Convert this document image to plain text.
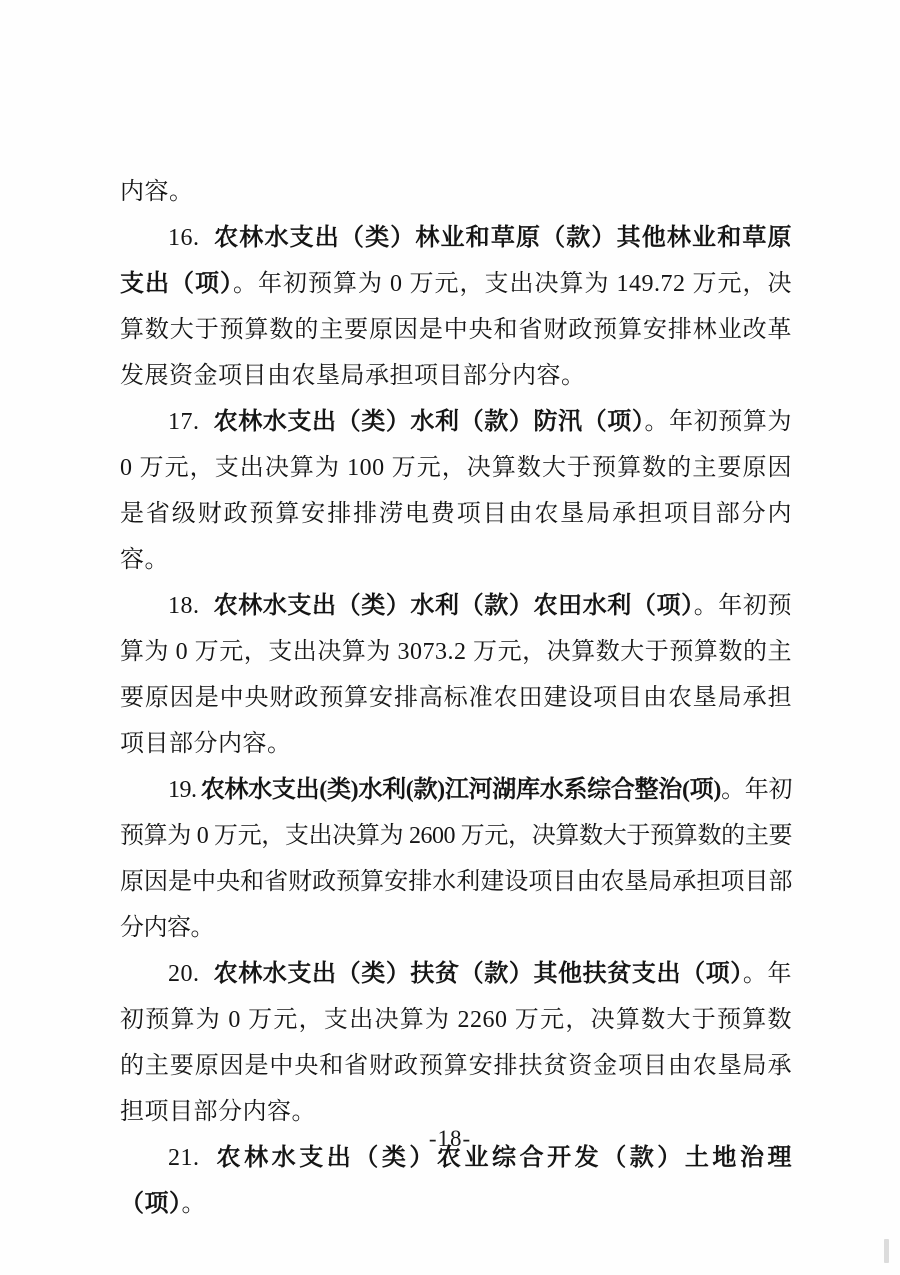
内容。

16. 农林水支出（类）林业和草原（款）其他林业和草原支出（项）。年初预算为 0 万元，支出决算为 149.72 万元，决算数大于预算数的主要原因是中央和省财政预算安排林业改革发展资金项目由农垦局承担项目部分内容。

17. 农林水支出（类）水利（款）防汛（项）。年初预算为 0 万元，支出决算为 100 万元，决算数大于预算数的主要原因是省级财政预算安排排涝电费项目由农垦局承担项目部分内容。

18. 农林水支出（类）水利（款）农田水利（项）。年初预算为 0 万元，支出决算为 3073.2 万元，决算数大于预算数的主要原因是中央财政预算安排高标准农田建设项目由农垦局承担项目部分内容。

19. 农林水支出(类)水利(款)江河湖库水系综合整治(项)。年初预算为 0 万元，支出决算为 2600 万元，决算数大于预算数的主要原因是中央和省财政预算安排水利建设项目由农垦局承担项目部分内容。

20. 农林水支出（类）扶贫（款）其他扶贫支出（项）。年初预算为 0 万元，支出决算为 2260 万元，决算数大于预算数的主要原因是中央和省财政预算安排扶贫资金项目由农垦局承担项目部分内容。

21. 农林水支出（类）农业综合开发（款）土地治理（项）。

-18-
